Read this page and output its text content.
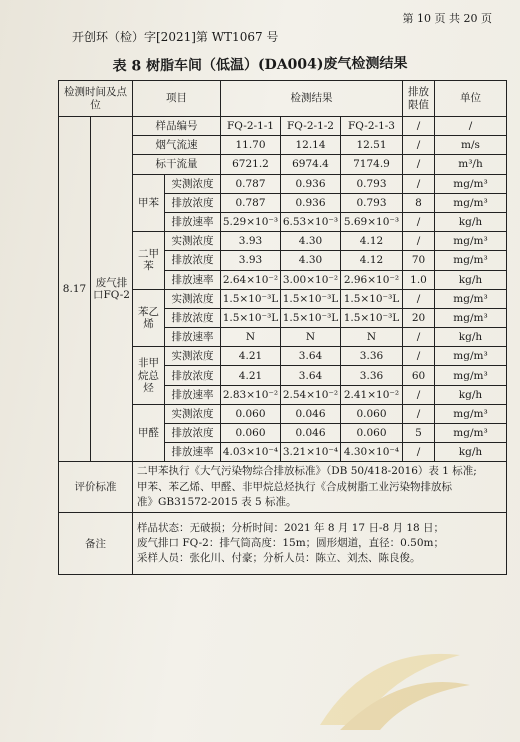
第 10 页 共 20 页
开创环（检）字[2021]第 WT1067 号
表 8 树脂车间（低温）(DA004)废气检测结果
检测时间及点位		项目		检测结果			排放限值	单位
8.17	废气排口FQ-2	样品编号		FQ-2-1-1	FQ-2-1-2	FQ-2-1-3	/	/
		烟气流速		11.70	12.14	12.51	/	m/s
		标干流量		6721.2	6974.4	7174.9	/	m³/h
		甲苯	实测浓度	0.787	0.936	0.793	/	mg/m³
			排放浓度	0.787	0.936	0.793	8	mg/m³
			排放速率	5.29×10⁻³	6.53×10⁻³	5.69×10⁻³	/	kg/h
		二甲苯	实测浓度	3.93	4.30	4.12	/	mg/m³
			排放浓度	3.93	4.30	4.12	70	mg/m³
			排放速率	2.64×10⁻²	3.00×10⁻²	2.96×10⁻²	1.0	kg/h
		苯乙烯	实测浓度	1.5×10⁻³L	1.5×10⁻³L	1.5×10⁻³L	/	mg/m³
			排放浓度	1.5×10⁻³L	1.5×10⁻³L	1.5×10⁻³L	20	mg/m³
			排放速率	N	N	N	/	kg/h
		非甲烷总烃	实测浓度	4.21	3.64	3.36	/	mg/m³
			排放浓度	4.21	3.64	3.36	60	mg/m³
			排放速率	2.83×10⁻²	2.54×10⁻²	2.41×10⁻²	/	kg/h
		甲醛	实测浓度	0.060	0.046	0.060	/	mg/m³
			排放浓度	0.060	0.046	0.060	5	mg/m³
			排放速率	4.03×10⁻⁴	3.21×10⁻⁴	4.30×10⁻⁴	/	kg/h
评价标准		二甲苯执行《大气污染物综合排放标准》（DB 50/418-2016）表 1 标准;
甲苯、苯乙烯、甲醛、非甲烷总烃执行《合成树脂工业污染物排放标
准》GB31572-2015 表 5 标准。						

备注		样品状态：无破损；分析时间：2021 年 8 月 17 日-8 月 18 日；
废气排口 FQ-2：排气筒高度：15m；圆形烟道，直径：0.50m；
采样人员：张化川、付豪；分析人员：陈立、刘杰、陈良俊。						
